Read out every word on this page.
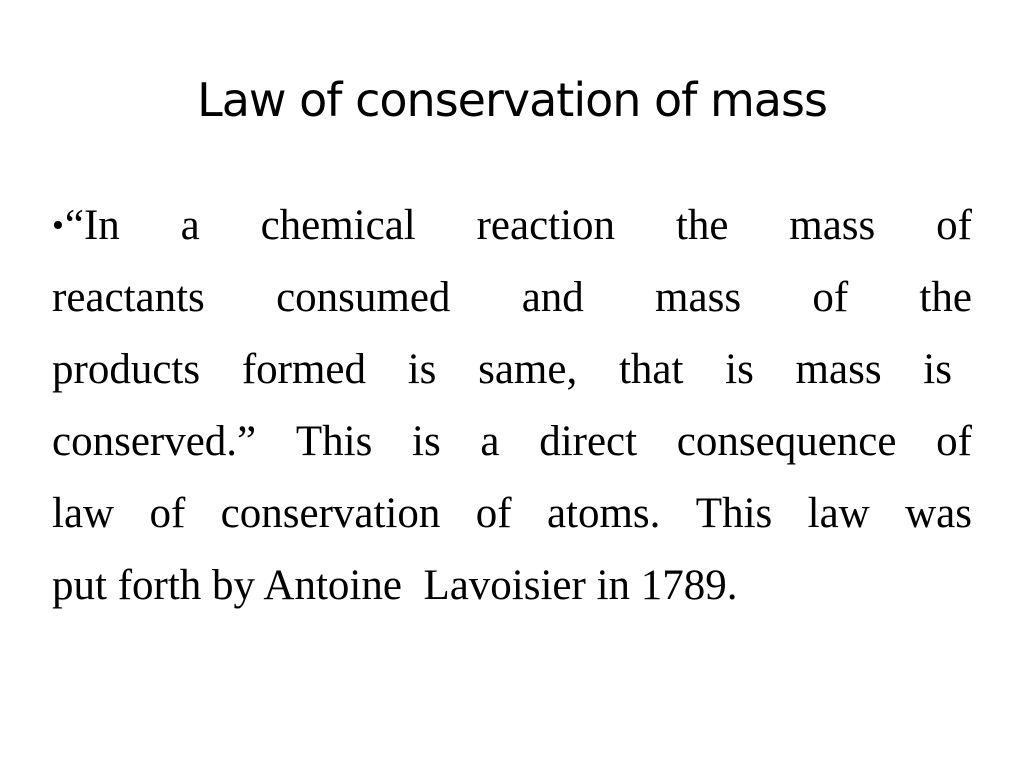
Law of conservation of mass
•“In a chemical reaction the mass of
reactants consumed and mass of the
products formed is same, that is mass is
conserved.” This is a direct consequence of
law of conservation of atoms. This law was
put forth by Antoine  Lavoisier in 1789.
